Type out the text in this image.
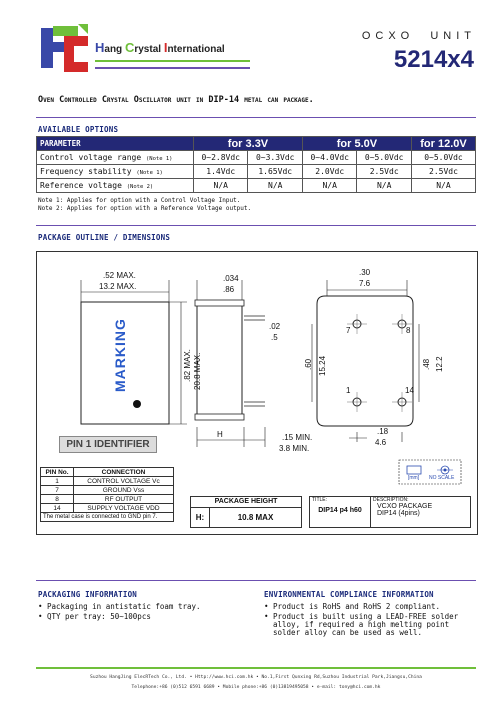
Hang Crystal International
OCXO  UNIT
5214x4
Oven Controlled Crystal Oscillator unit in DIP-14 metal can package.
AVAILABLE OPTIONS
PARAMETER	for 3.3V		for 5.0V		for 12.0V
Control voltage range (Note 1)	0~2.8Vdc	0~3.3Vdc	0~4.0Vdc	0~5.0Vdc	0~5.0Vdc
Frequency stability (Note 1)	1.4Vdc	1.65Vdc	2.0Vdc	2.5Vdc	2.5Vdc
Reference voltage (Note 2)	N/A	N/A	N/A	N/A	N/A
Note 1: Applies for option with a Control Voltage Input.
Note 2: Applies for option with a Reference Voltage output.
PACKAGE OUTLINE / DIMENSIONS
.52 MAX.
13.2 MAX.
.82 MAX. 20.8 MAX.
MARKING
.034
.86
.02
.5
H	.15 MIN.
3.8 MIN.
.30
7.6
.60 15.24	.48 12.2
.18
4.6
7	8
1	14
PIN 1 IDENTIFIER
[mm] NO SCALE
PACKAGE HEIGHT
H:	10.8 MAX
TITLE:
DIP14 p4 h60
DESCRIPTION:
VCXO PACKAGE
DIP14 (4pins)
PIN No.	CONNECTION
1	CONTROL VOLTAGE Vc
7	GROUND Vss
8	RF OUTPUT
14	SUPPLY VOLTAGE VDD
The metal case is connected to GND pin 7.	
PACKAGING INFORMATION
• Packaging in antistatic foam tray.
• QTY per tray: 50~100pcs
ENVIRONMENTAL COMPLIANCE INFORMATION
• Product is RoHS and RoHS 2 compliant.
• Product is built using a LEAD-FREE solder alloy, if required a high melting point solder alloy can be used as well.
Suzhou HangJing ElecRTech Co., Ltd. • Http://www.hci.com.hk • No.1,First Qunxing Rd,Suzhou Industrial Park,Jiangsu,China
Telephone:+86 (0)512 6591 6689 • Mobile phone:+86 (0)13819495058 • e-mail: tony@hci.com.hk
